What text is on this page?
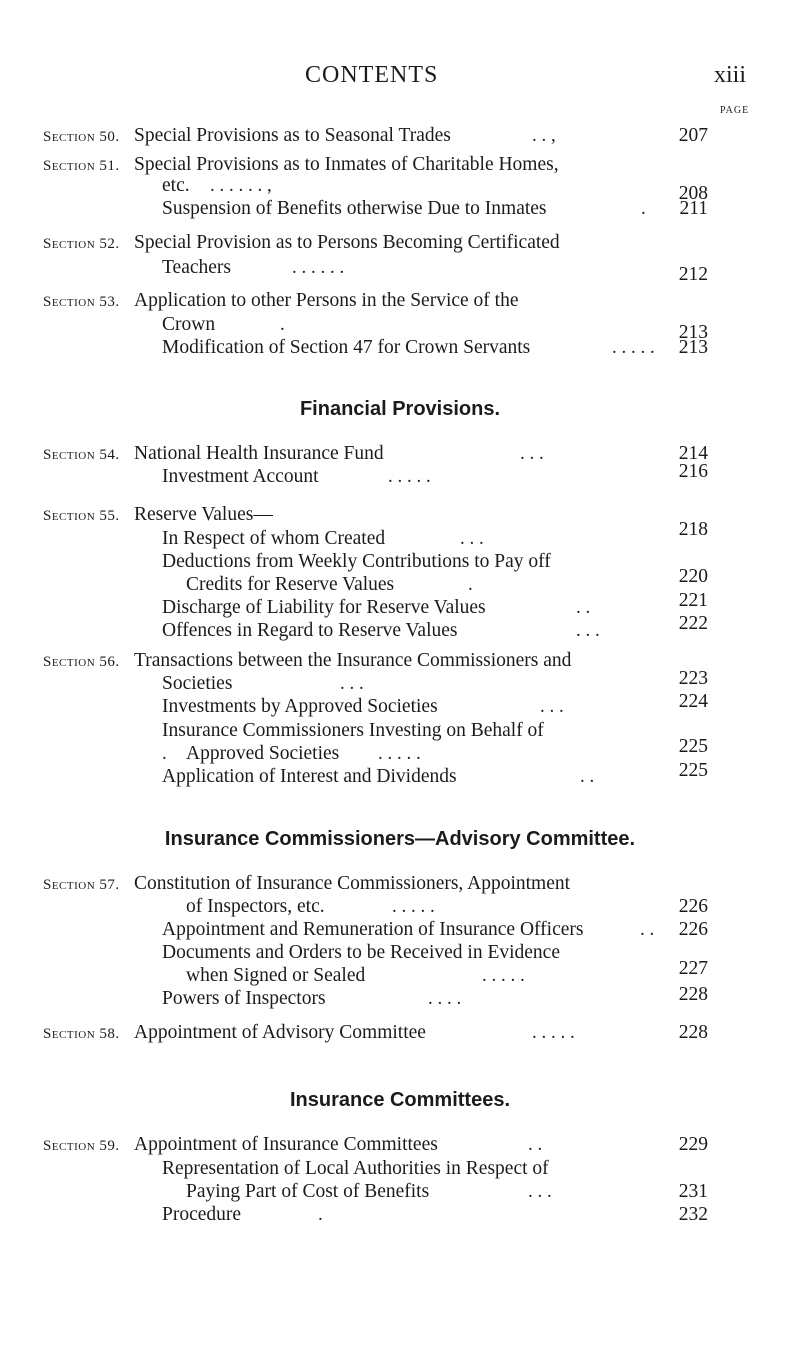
CONTENTS	xiii
PAGE
Section 50. Special Provisions as to Seasonal Trades	. . ,	207
Section 51. Special Provisions as to Inmates of Charitable Homes,
etc. . . . . . . ,	208
Suspension of Benefits otherwise Due to Inmates	.	211
Section 52. Special Provision as to Persons Becoming Certificated
Teachers	. . . . . .	212
Section 53. Application to other Persons in the Service of the
Crown	.	213
Modification of Section 47 for Crown Servants	. . . . .	213
Financial Provisions.
Section 54. National Health Insurance Fund	. . .	214
Investment Account	. . . . .	216
Section 55. Reserve Values—
In Respect of whom Created	. . .	218
Deductions from Weekly Contributions to Pay off
Credits for Reserve Values	.	220
Discharge of Liability for Reserve Values	. .	221
Offences in Regard to Reserve Values	. . .	222
Section 56. Transactions between the Insurance Commissioners and
Societies	. . .	223
Investments by Approved Societies	. . .	224
Insurance Commissioners Investing on Behalf of
. Approved Societies . . . . .	225
Application of Interest and Dividends	. .	225
Insurance Commissioners—Advisory Committee.
Section 57. Constitution of Insurance Commissioners, Appointment
of Inspectors, etc.	. . . . .	226
Appointment and Remuneration of Insurance Officers	. .	226
Documents and Orders to be Received in Evidence
when Signed or Sealed	. . . . .	227
Powers of Inspectors	. . . .	228
Section 58. Appointment of Advisory Committee	. . . . .	228
Insurance Committees.
Section 59. Appointment of Insurance Committees	. .	229
Representation of Local Authorities in Respect of
Paying Part of Cost of Benefits	. . .	231
Procedure	.	232
